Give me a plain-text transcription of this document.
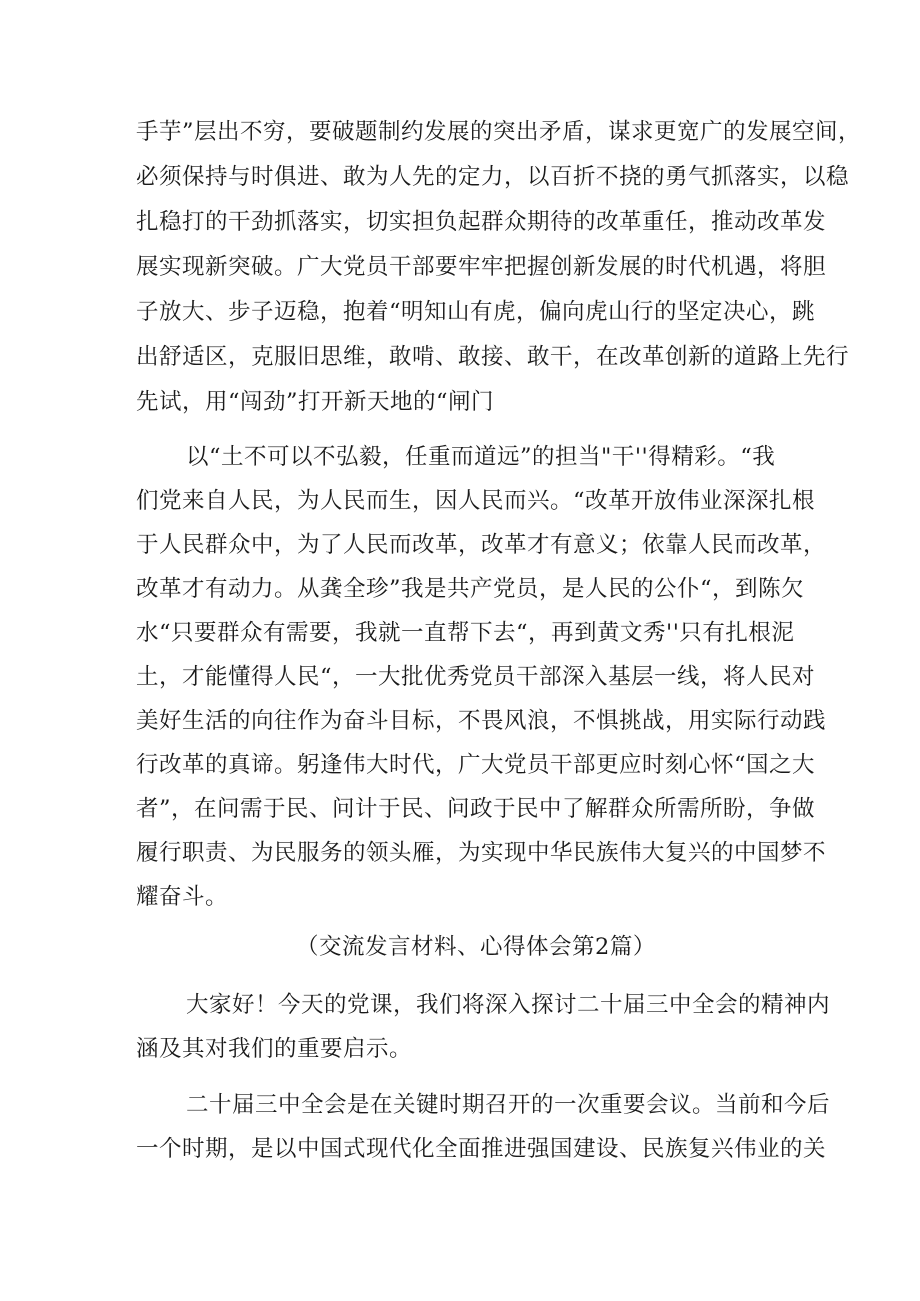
手芋”层出不穷，要破题制约发展的突出矛盾，谋求更宽广的发展空间，
必须保持与时俱进、敢为人先的定力，以百折不挠的勇气抓落实，以稳
扎稳打的干劲抓落实，切实担负起群众期待的改革重任，推动改革发
展实现新突破。广大党员干部要牢牢把握创新发展的时代机遇，将胆
子放大、步子迈稳，抱着“明知山有虎，偏向虎山行的坚定决心，跳
出舒适区，克服旧思维，敢啃、敢接、敢干，在改革创新的道路上先行
先试，用“闯劲”打开新天地的“闸门
以“土不可以不弘毅，任重而道远”的担当"干''得精彩。“我
们党来自人民，为人民而生，因人民而兴。“改革开放伟业深深扎根
于人民群众中，为了人民而改革，改革才有意义；依靠人民而改革，
改革才有动力。从龚全珍”我是共产党员，是人民的公仆“，到陈欠
水“只要群众有需要，我就一直帮下去“，再到黄文秀''只有扎根泥
土，才能懂得人民“，一大批优秀党员干部深入基层一线，将人民对
美好生活的向往作为奋斗目标，不畏风浪，不惧挑战，用实际行动践
行改革的真谛。躬逢伟大时代，广大党员干部更应时刻心怀“国之大
者”，在问需于民、问计于民、问政于民中了解群众所需所盼，争做
履行职责、为民服务的领头雁，为实现中华民族伟大复兴的中国梦不
耀奋斗。
（交流发言材料、心得体会第2篇）
大家好！今天的党课，我们将深入探讨二十届三中全会的精神内
涵及其对我们的重要启示。
二十届三中全会是在关键时期召开的一次重要会议。当前和今后
一个时期，是以中国式现代化全面推进强国建设、民族复兴伟业的关
